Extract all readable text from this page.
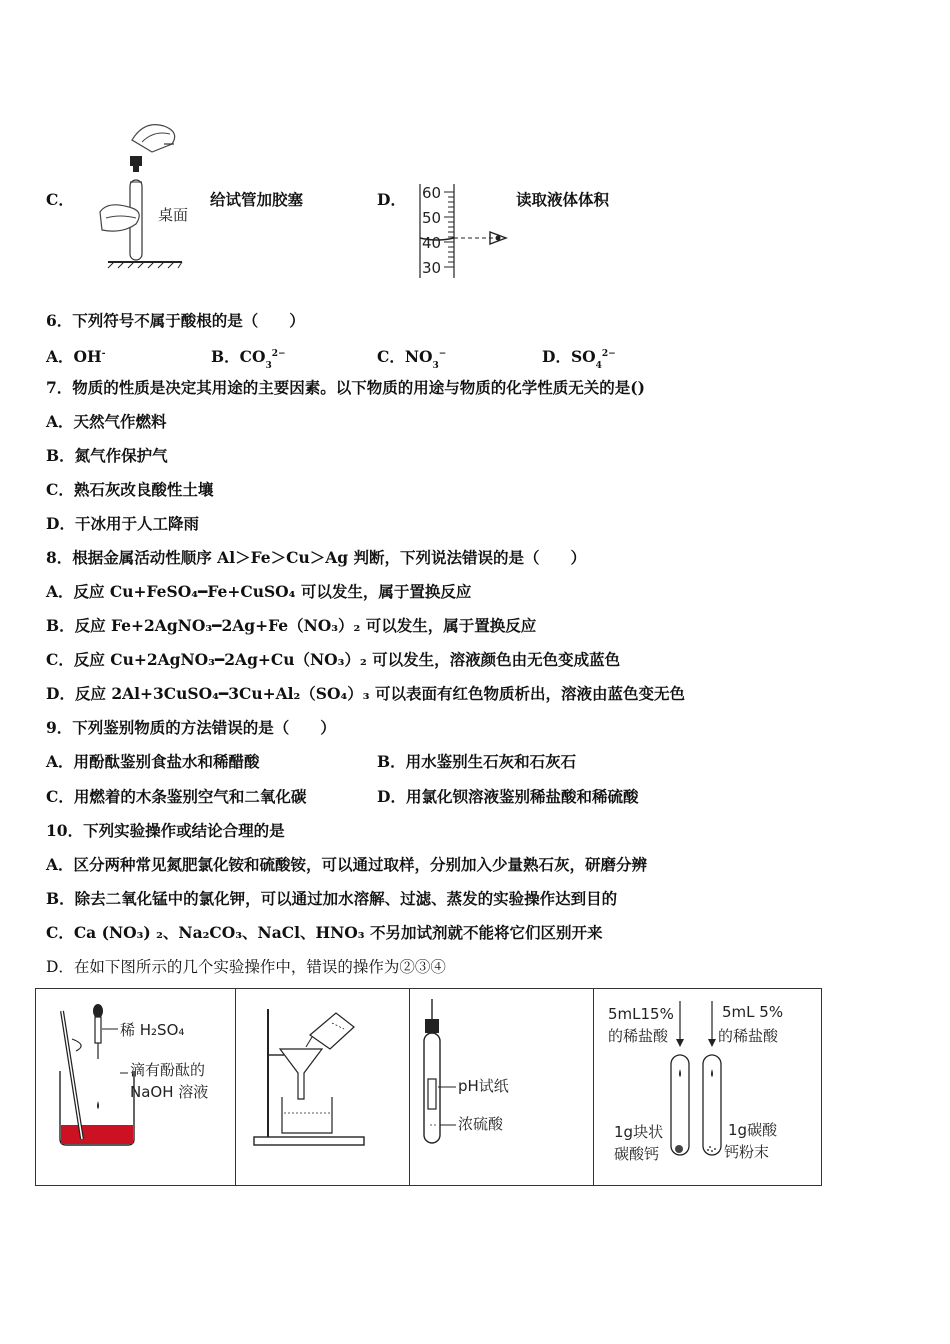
C．
桌面
给试管加胶塞	D． 60
50
40
30
读取液体体积
6．下列符号不属于酸根的是（　　）
A．OH-	B．$CO_3^{2-}$	C．$NO_3^-$	D．$SO_4^{2-}$
7．物质的性质是决定其用途的主要因素。以下物质的用途与物质的化学性质无关的是()
A．天然气作燃料
B．氮气作保护气
C．熟石灰改良酸性土壤
D．干冰用于人工降雨
8．根据金属活动性顺序 Al＞Fe＞Cu＞Ag 判断，下列说法错误的是（　　）
A．反应 Cu+FeSO₄━Fe+CuSO₄ 可以发生，属于置换反应
B．反应 Fe+2AgNO₃━2Ag+Fe（NO₃）₂ 可以发生，属于置换反应
C．反应 Cu+2AgNO₃━2Ag+Cu（NO₃）₂ 可以发生，溶液颜色由无色变成蓝色
D．反应 2Al+3CuSO₄━3Cu+Al₂（SO₄）₃ 可以表面有红色物质析出，溶液由蓝色变无色
9．下列鉴别物质的方法错误的是（　　）
A．用酚酞鉴别食盐水和稀醋酸	B．用水鉴别生石灰和石灰石
C．用燃着的木条鉴别空气和二氧化碳	D．用氯化钡溶液鉴别稀盐酸和稀硫酸
10．下列实验操作或结论合理的是
A．区分两种常见氮肥氯化铵和硫酸铵，可以通过取样，分别加入少量熟石灰，研磨分辨
B．除去二氧化锰中的氯化钾，可以通过加水溶解、过滤、蒸发的实验操作达到目的
C．Ca (NO₃) ₂、Na₂CO₃、NaCl、HNO₃ 不另加试剂就不能将它们区别开来
D．在如下图所示的几个实验操作中，错误的操作为②③④
稀 H₂SO₄
滴有酚酞的
NaOH 溶液	pH试纸
浓硫酸
5mL15%
的稀盐酸
5mL 5%
的稀盐酸
1g块状
碳酸钙
1g碳酸
钙粉末
